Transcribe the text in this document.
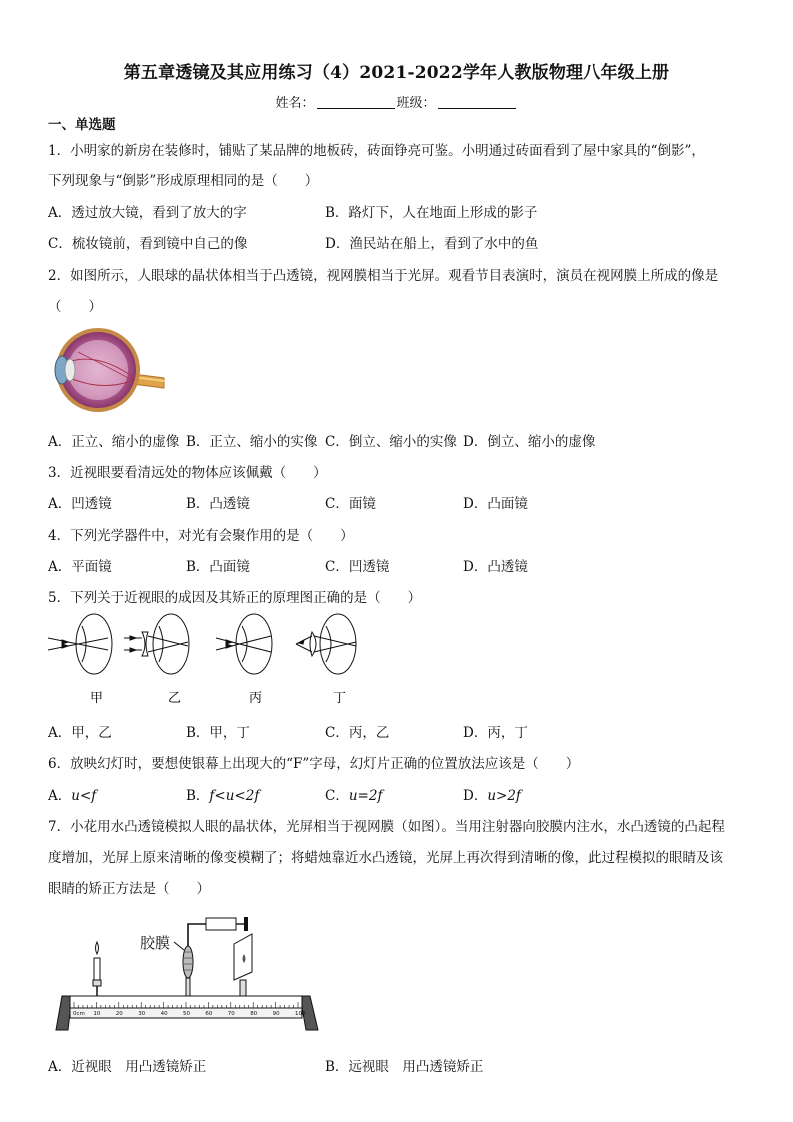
第五章透镜及其应用练习（4）2021-2022学年人教版物理八年级上册
姓名：	班级：
一、单选题
1．小明家的新房在装修时，铺贴了某品牌的地板砖，砖面铮亮可鉴。小明通过砖面看到了屋中家具的“倒影”，
下列现象与“倒影”形成原理相同的是（　　）
A．透过放大镜，看到了放大的字	B．路灯下，人在地面上形成的影子
C．梳妆镜前，看到镜中自己的像	D．渔民站在船上，看到了水中的鱼
2．如图所示，人眼球的晶状体相当于凸透镜，视网膜相当于光屏。观看节目表演时，演员在视网膜上所成的像是
（　　）
A．正立、缩小的虚像 B．正立、缩小的实像 C．倒立、缩小的实像 D．倒立、缩小的虚像
3．近视眼要看清远处的物体应该佩戴（　　）
A．凹透镜	B．凸透镜	C．面镜	D．凸面镜
4．下列光学器件中，对光有会聚作用的是（　　）
A．平面镜	B．凸面镜	C．凹透镜	D．凸透镜
5．下列关于近视眼的成因及其矫正的原理图正确的是（　　）
甲	乙	丙	丁
A．甲，乙	B．甲，丁	C．丙，乙	D．丙，丁
6．放映幻灯时，要想使银幕上出现大的“F”字母，幻灯片正确的位置放法应该是（　　）
A．u<f	B．f<u<2f	C．u=2f	D．u>2f
7．小花用水凸透镜模拟人眼的晶状体，光屏相当于视网膜（如图）。当用注射器向胶膜内注水，水凸透镜的凸起程
度增加，光屏上原来清晰的像变模糊了；将蜡烛靠近水凸透镜，光屏上再次得到清晰的像，此过程模拟的眼睛及该
眼睛的矫正方法是（　　）
0cm 10	20	30	40	50	60	70	80	90	100
胶膜
A．近视眼　用凸透镜矫正	B．远视眼　用凸透镜矫正
